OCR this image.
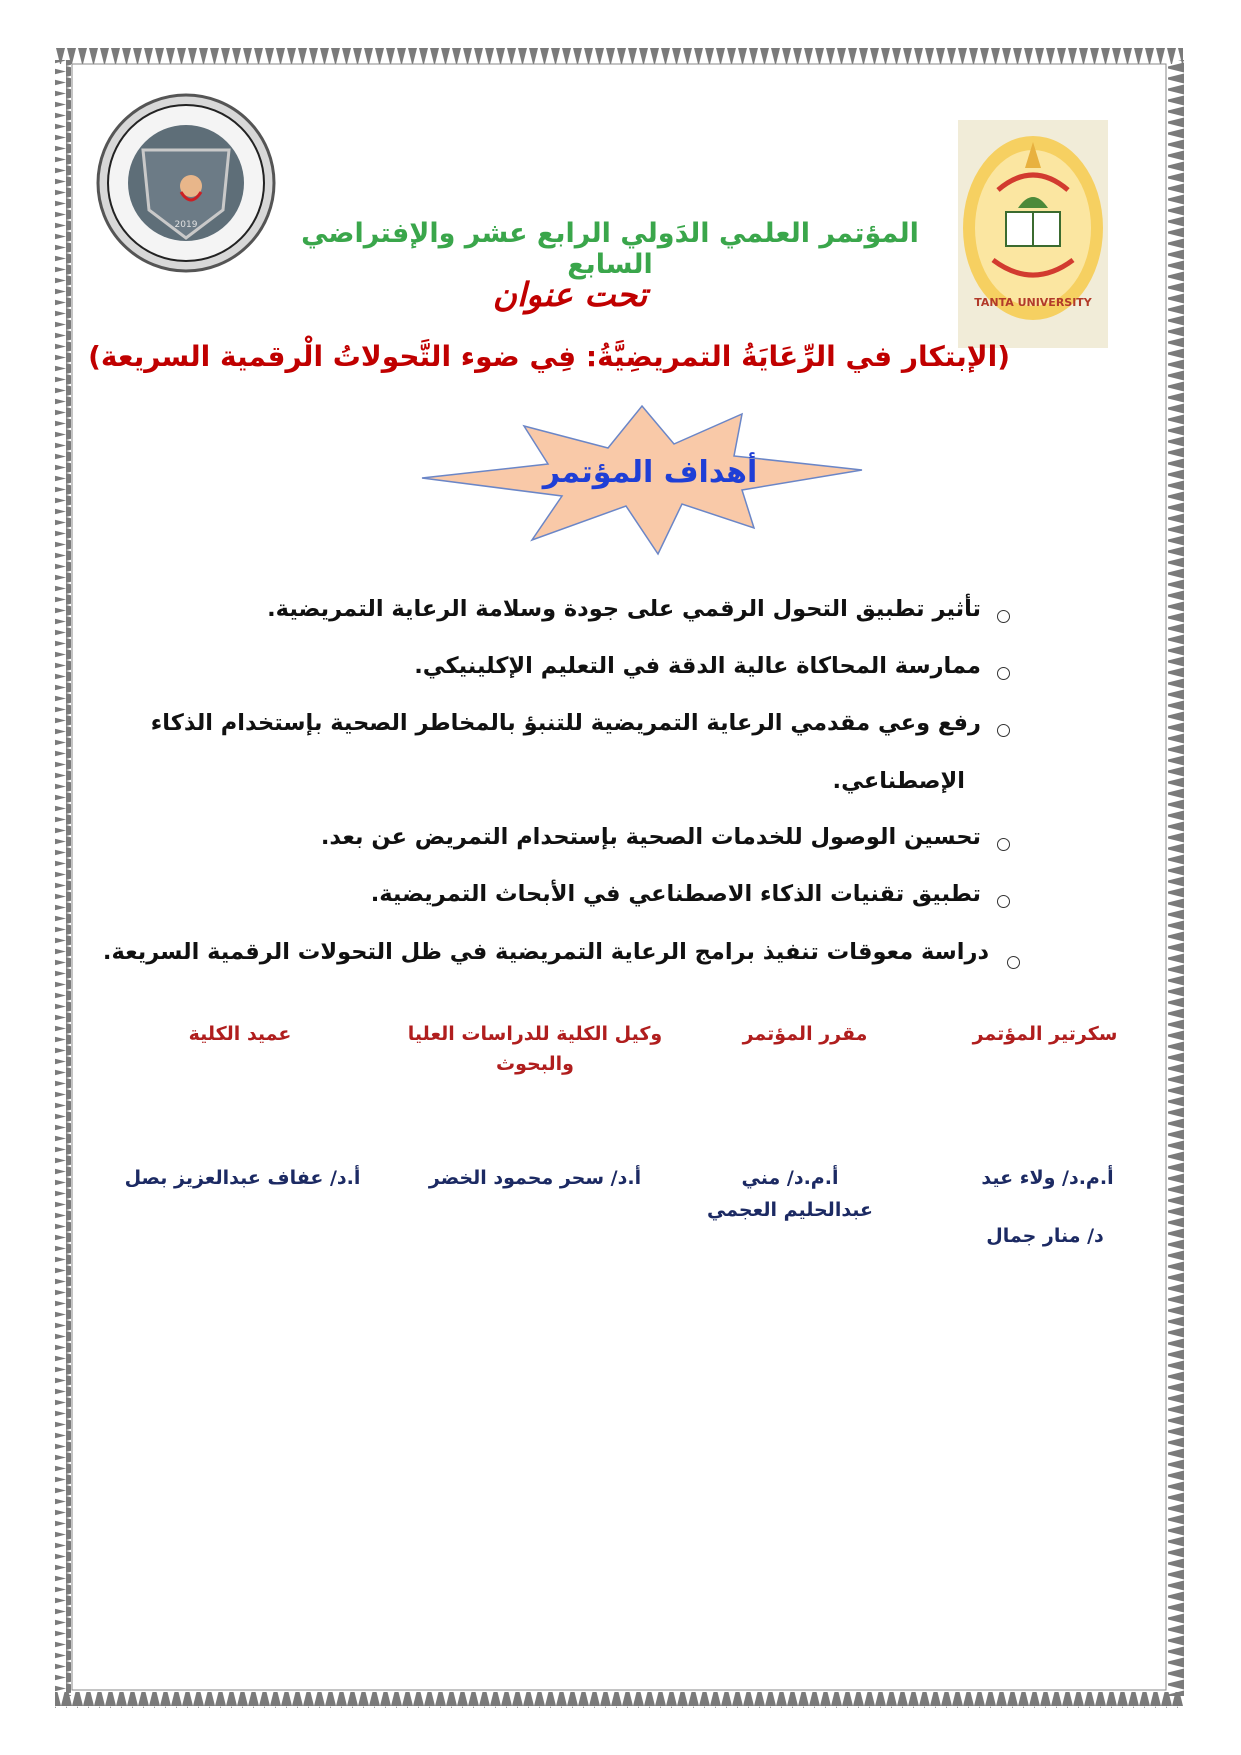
2019
TANTA UNIVERSITY
المؤتمر العلمي الدَولي الرابع عشر والإفتراضي السابع
تحت عنوان
(الإبتكار في الرِّعَايَةُ التمريضِيَّةُ: فِي ضوء التَّحولاتُ الْرقمية السريعة)
أهداف المؤتمر
تأثير تطبيق التحول الرقمي على جودة وسلامة الرعاية التمريضية.
ممارسة المحاكاة عالية الدقة في التعليم الإكلينيكي.
رفع وعي مقدمي الرعاية التمريضية للتنبؤ بالمخاطر الصحية بإستخدام الذكاء
الإصطناعي.
تحسين الوصول للخدمات الصحية بإستحدام التمريض عن بعد.
تطبيق تقنيات الذكاء الاصطناعي في الأبحاث التمريضية.
دراسة معوقات تنفيذ برامج الرعاية التمريضية في ظل التحولات الرقمية السريعة.
سكرتير المؤتمر
مقرر المؤتمر
وكيل الكلية للدراسات العليا
والبحوث
عميد الكلية
أ.م.د/ ولاء عيد
د/ منار جمال
أ.م.د/ مني
عبدالحليم العجمي
أ.د/ سحر محمود الخضر
أ.د/ عفاف عبدالعزيز بصل
